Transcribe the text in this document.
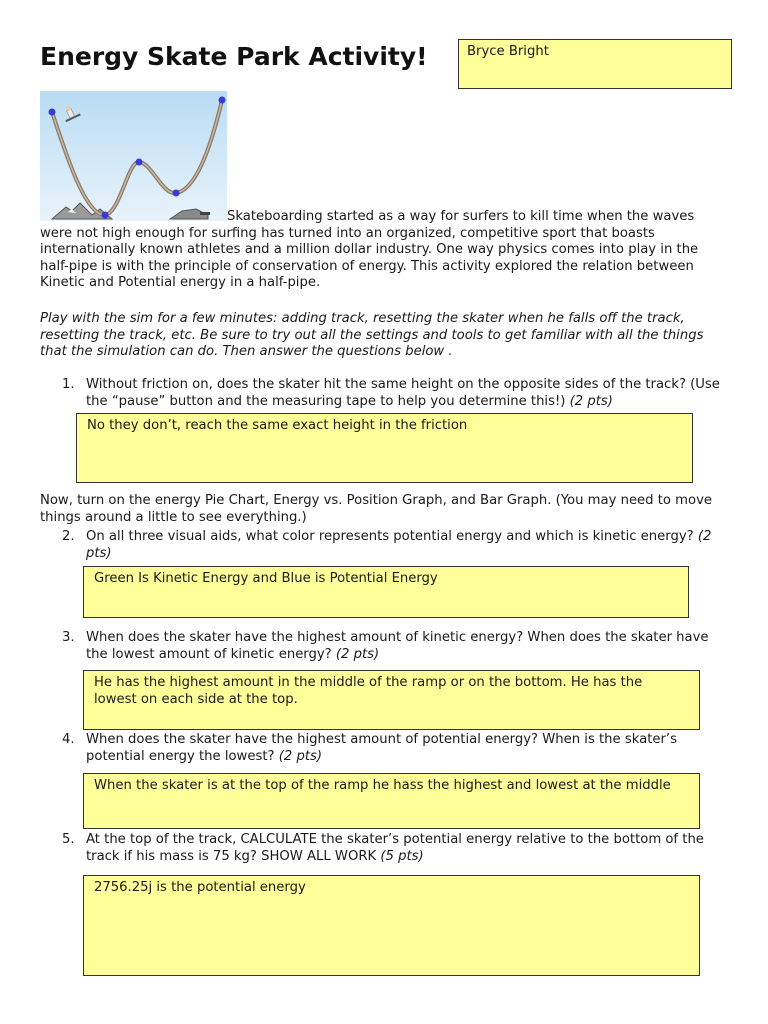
Energy Skate Park Activity!	Bryce Bright
Skateboarding started as a way for surfers to kill time when the waves
were not high enough for surfing has turned into an organized, competitive sport that boasts internationally known athletes and a million dollar industry. One way physics comes into play in the half-pipe is with the principle of conservation of energy. This activity explored the relation between Kinetic and Potential energy in a half-pipe.
Play with the sim for a few minutes: adding track, resetting the skater when he falls off the track, resetting the track, etc. Be sure to try out all the settings and tools to get familiar with all the things that the simulation can do. Then answer the questions below .
1. Without friction on, does the skater hit the same height on the opposite sides of the track? (Use the “pause” button and the measuring tape to help you determine this!) (2 pts)
No they don’t, reach the same exact height in the friction
Now, turn on the energy Pie Chart, Energy vs. Position Graph, and Bar Graph. (You may need to move things around a little to see everything.)
2. On all three visual aids, what color represents potential energy and which is kinetic energy? (2 pts)
Green Is Kinetic Energy and Blue is Potential Energy
3. When does the skater have the highest amount of kinetic energy? When does the skater have the lowest amount of kinetic energy? (2 pts)
He has the highest amount in the middle of the ramp or on the bottom. He has the lowest on each side at the top.
4. When does the skater have the highest amount of potential energy? When is the skater’s potential energy the lowest? (2 pts)
When the skater is at the top of the ramp he hass the highest and lowest at the middle
5. At the top of the track, CALCULATE the skater’s potential energy relative to the bottom of the track if his mass is 75 kg? SHOW ALL WORK (5 pts)
2756.25j is the potential energy
